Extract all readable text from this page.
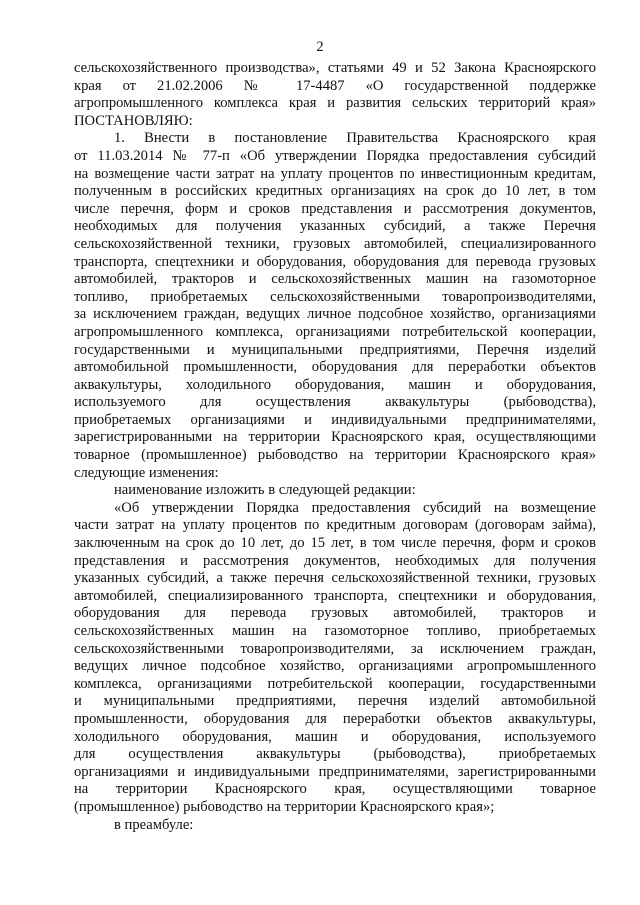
2
сельскохозяйственного производства», статьями 49 и 52 Закона Красноярского
края от 21.02.2006 № 17-4487 «О государственной поддержке
агропромышленного комплекса края и развития сельских территорий края»
ПОСТАНОВЛЯЮ:
1. Внести в постановление Правительства Красноярского края
от 11.03.2014 № 77-п «Об утверждении Порядка предоставления субсидий
на возмещение части затрат на уплату процентов по инвестиционным кредитам,
полученным в российских кредитных организациях на срок до 10 лет, в том
числе перечня, форм и сроков представления и рассмотрения документов,
необходимых для получения указанных субсидий, а также Перечня
сельскохозяйственной техники, грузовых автомобилей, специализированного
транспорта, спецтехники и оборудования, оборудования для перевода грузовых
автомобилей, тракторов и сельскохозяйственных машин на газомоторное
топливо, приобретаемых сельскохозяйственными товаропроизводителями,
за исключением граждан, ведущих личное подсобное хозяйство, организациями
агропромышленного комплекса, организациями потребительской кооперации,
государственными и муниципальными предприятиями, Перечня изделий
автомобильной промышленности, оборудования для переработки объектов
аквакультуры, холодильного оборудования, машин и оборудования,
используемого для осуществления аквакультуры (рыбоводства),
приобретаемых организациями и индивидуальными предпринимателями,
зарегистрированными на территории Красноярского края, осуществляющими
товарное (промышленное) рыбоводство на территории Красноярского края»
следующие изменения:
наименование изложить в следующей редакции:
«Об утверждении Порядка предоставления субсидий на возмещение
части затрат на уплату процентов по кредитным договорам (договорам займа),
заключенным на срок до 10 лет, до 15 лет, в том числе перечня, форм и сроков
представления и рассмотрения документов, необходимых для получения
указанных субсидий, а также перечня сельскохозяйственной техники, грузовых
автомобилей, специализированного транспорта, спецтехники и оборудования,
оборудования для перевода грузовых автомобилей, тракторов и
сельскохозяйственных машин на газомоторное топливо, приобретаемых
сельскохозяйственными товаропроизводителями, за исключением граждан,
ведущих личное подсобное хозяйство, организациями агропромышленного
комплекса, организациями потребительской кооперации, государственными
и муниципальными предприятиями, перечня изделий автомобильной
промышленности, оборудования для переработки объектов аквакультуры,
холодильного оборудования, машин и оборудования, используемого
для осуществления аквакультуры (рыбоводства), приобретаемых
организациями и индивидуальными предпринимателями, зарегистрированными
на территории Красноярского края, осуществляющими товарное
(промышленное) рыбоводство на территории Красноярского края»;
в преамбуле:
